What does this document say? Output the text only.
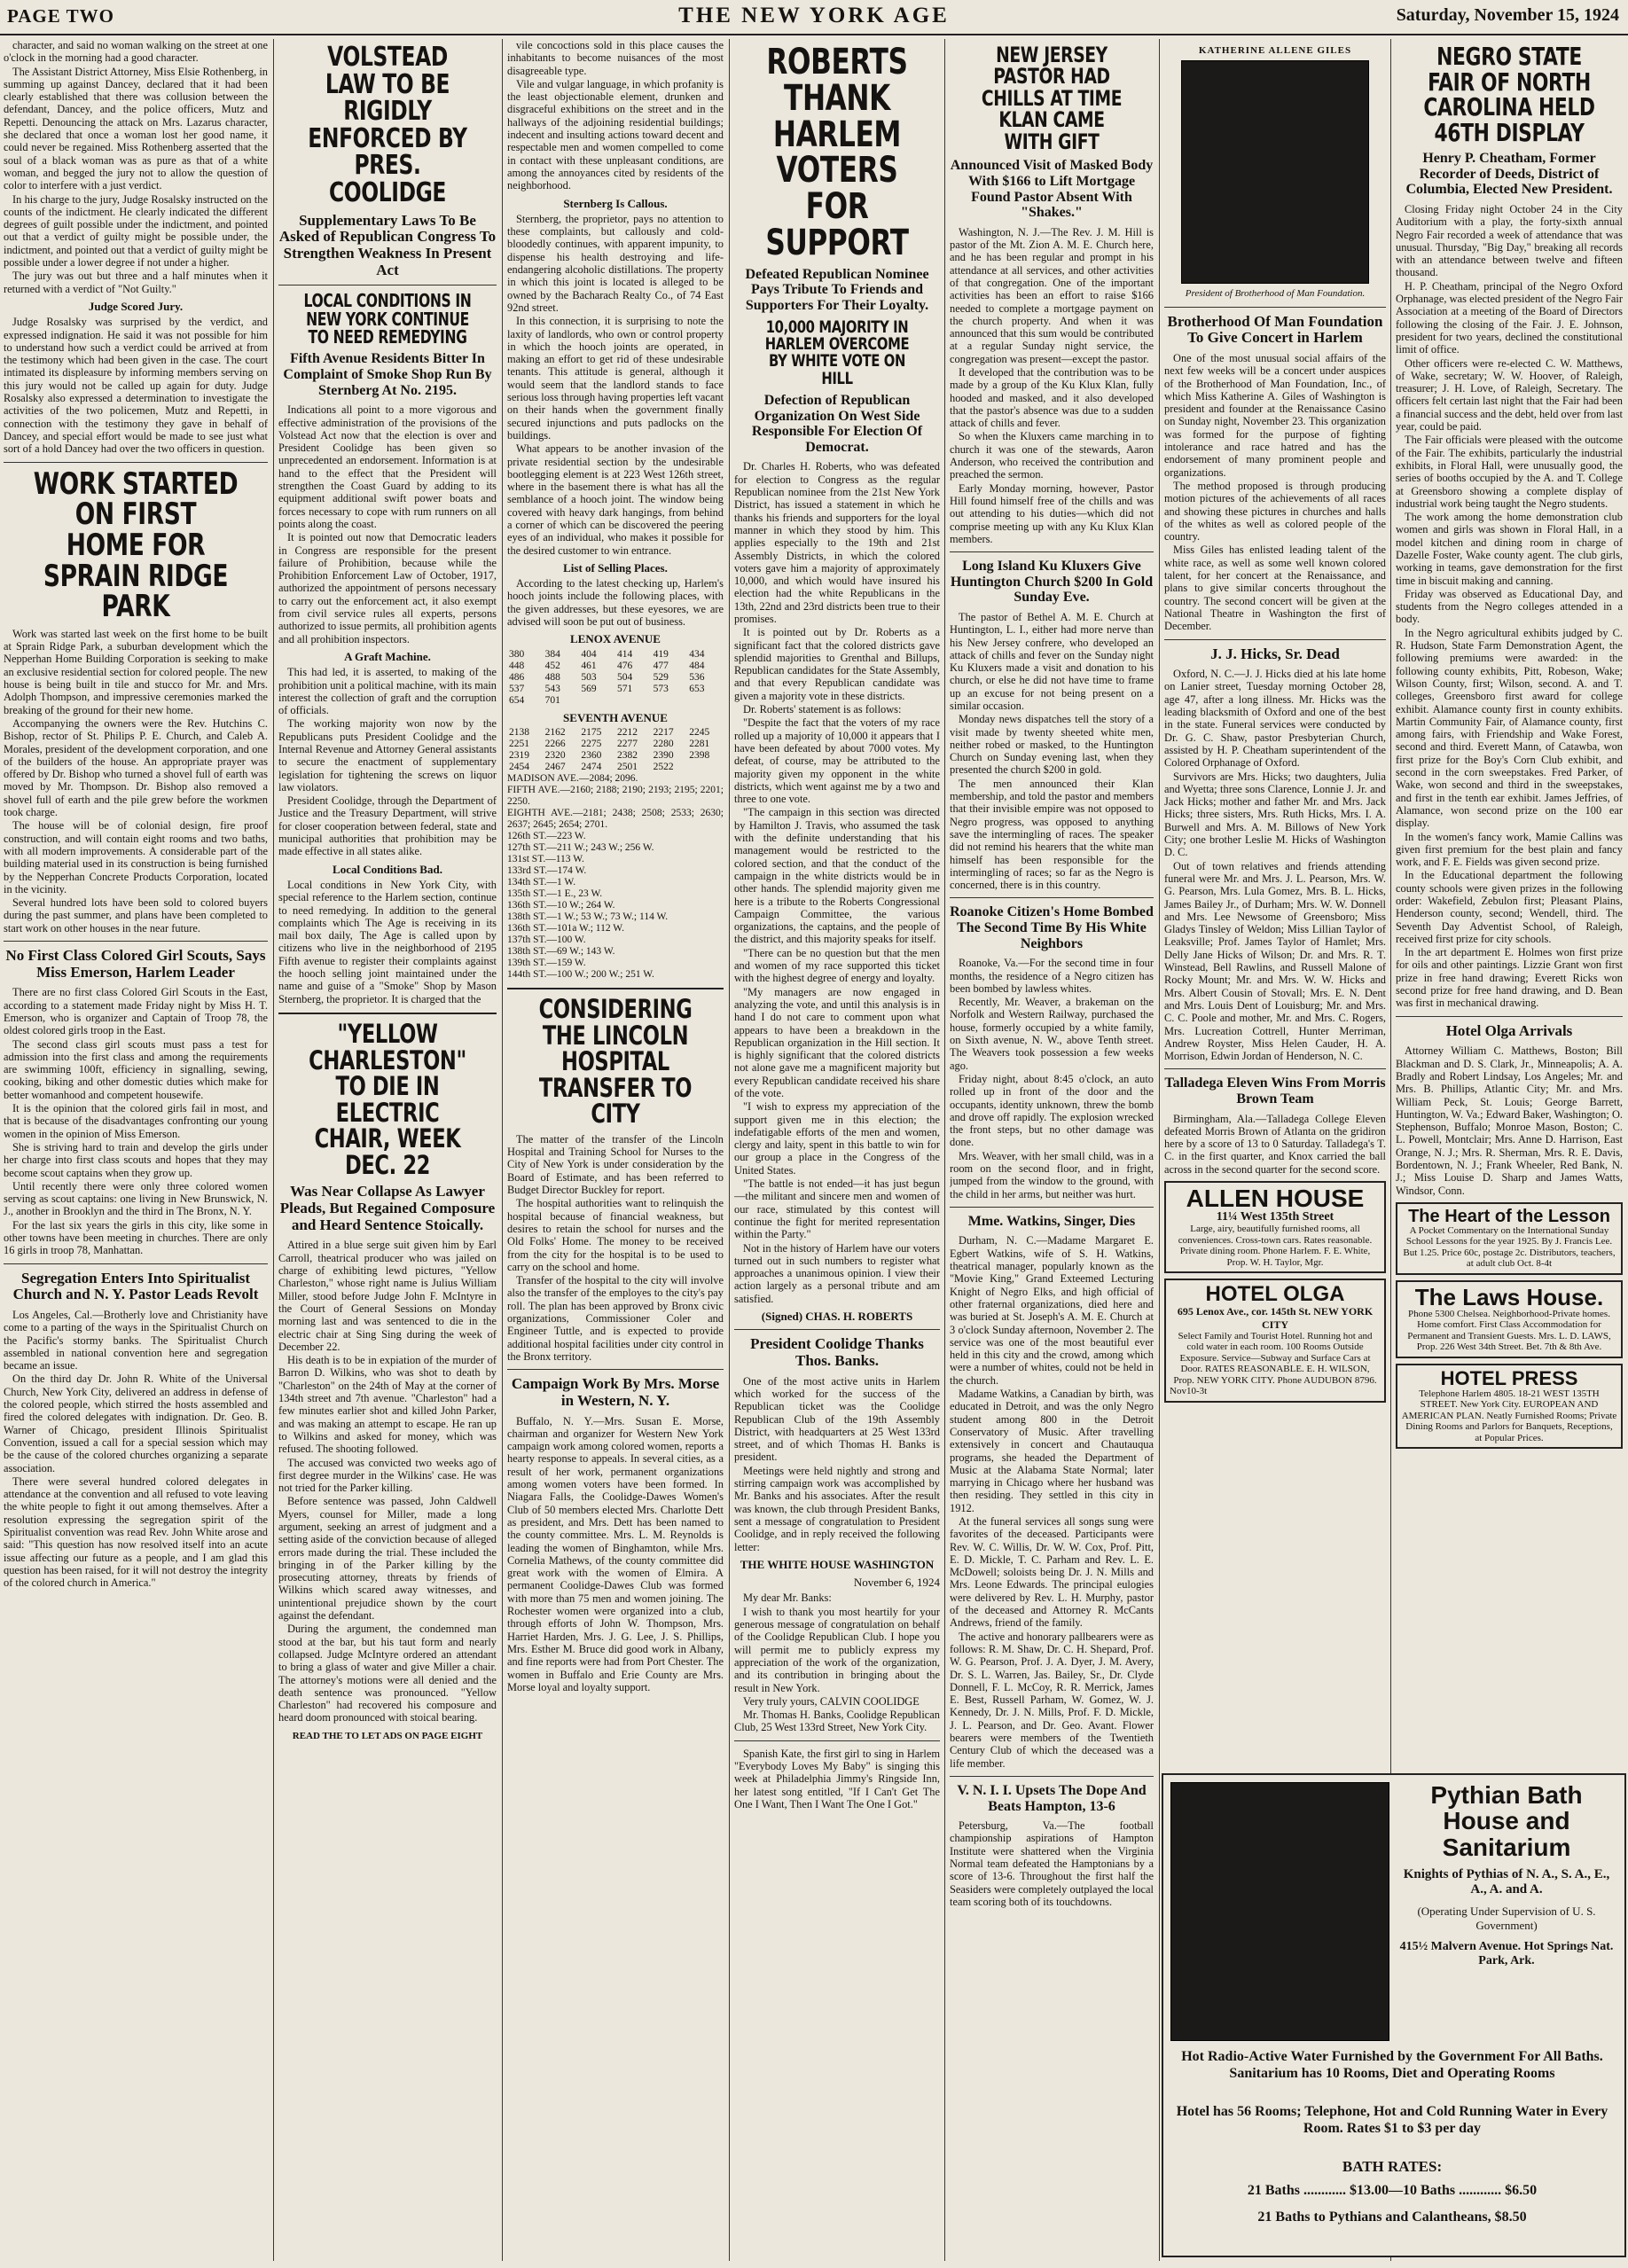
PAGE TWO	THE NEW YORK AGE	Saturday, November 15, 1924

character, and said no woman walking on the street at one o'clock in the morning had a good character.

The Assistant District Attorney, Miss Elsie Rothenberg, in summing up against Dancey, declared that it had been clearly established that there was collusion between the defendant, Dancey, and the police officers, Mutz and Repetti. Denouncing the attack on Mrs. Lazarus character, she declared that once a woman lost her good name, it could never be regained. Miss Rothenberg asserted that the soul of a black woman was as pure as that of a white woman, and begged the jury not to allow the question of color to interfere with a just verdict.

In his charge to the jury, Judge Rosalsky instructed on the counts of the indictment. He clearly indicated the different degrees of guilt possible under the indictment, and pointed out that a verdict of guilty might be possible under, the indictment, and pointed out that a verdict of guilty might be possible under a lower degree if not under a higher.

The jury was out but three and a half minutes when it returned with a verdict of "Not Guilty."

Judge Scored Jury.

Judge Rosalsky was surprised by the verdict, and expressed indignation. He said it was not possible for him to understand how such a verdict could be arrived at from the testimony which had been given in the case. The court intimated its displeasure by informing members serving on this jury would not be called up again for duty. Judge Rosalsky also expressed a determination to investigate the activities of the two policemen, Mutz and Repetti, in connection with the testimony they gave in behalf of Dancey, and special effort would be made to see just what sort of a hold Dancey had over the two officers in question.

WORK STARTED ON FIRST HOME FOR SPRAIN RIDGE PARK

Work was started last week on the first home to be built at Sprain Ridge Park, a suburban development which the Nepperhan Home Building Corporation is seeking to make an exclusive residential section for colored people. The new house is being built in tile and stucco for Mr. and Mrs. Adolph Thompson, and impressive ceremonies marked the breaking of the ground for their new home.

Accompanying the owners were the Rev. Hutchins C. Bishop, rector of St. Philips P. E. Church, and Caleb A. Morales, president of the development corporation, and one of the builders of the house. An appropriate prayer was offered by Dr. Bishop who turned a shovel full of earth was moved by Mr. Thompson. Dr. Bishop also removed a shovel full of earth and the pile grew before the workmen took charge.

The house will be of colonial design, fire proof construction, and will contain eight rooms and two baths, with all modern improvements. A considerable part of the building material used in its construction is being furnished by the Nepperhan Concrete Products Corporation, located in the vicinity.

Several hundred lots have been sold to colored buyers during the past summer, and plans have been completed to start work on other houses in the near future.

No First Class Colored Girl Scouts, Says Miss Emerson, Harlem Leader

There are no first class Colored Girl Scouts in the East, according to a statement made Friday night by Miss H. T. Emerson, who is organizer and Captain of Troop 78, the oldest colored girls troop in the East.

The second class girl scouts must pass a test for admission into the first class and among the requirements are swimming 100ft, efficiency in signalling, sewing, cooking, biking and other domestic duties which make for better womanhood and competent housewife.

It is the opinion that the colored girls fail in most, and that is because of the disadvantages confronting our young women in the opinion of Miss Emerson.

She is striving hard to train and develop the girls under her charge into first class scouts and hopes that they may become scout captains when they grow up.

Until recently there were only three colored women serving as scout captains: one living in New Brunswick, N. J., another in Brooklyn and the third in The Bronx, N. Y.

For the last six years the girls in this city, like some in other towns have been meeting in churches. There are only 16 girls in troop 78, Manhattan.

Segregation Enters Into Spiritualist Church and N. Y. Pastor Leads Revolt

Los Angeles, Cal.—Brotherly love and Christianity have come to a parting of the ways in the Spiritualist Church on the Pacific's stormy banks. The Spiritualist Church assembled in national convention here and segregation became an issue.

On the third day Dr. John R. White of the Universal Church, New York City, delivered an address in defense of the colored people, which stirred the hosts assembled and fired the colored delegates with indignation. Dr. Geo. B. Warner of Chicago, president Illinois Spiritualist Convention, issued a call for a special session which may be the cause of the colored churches organizing a separate association.

There were several hundred colored delegates in attendance at the convention and all refused to vote leaving the white people to fight it out among themselves. After a resolution expressing the segregation spirit of the Spiritualist convention was read Rev. John White arose and said: "This question has now resolved itself into an acute issue affecting our future as a people, and I am glad this question has been raised, for it will not destroy the integrity of the colored church in America."

VOLSTEAD LAW TO BE RIGIDLY ENFORCED BY PRES. COOLIDGE
Supplementary Laws To Be Asked of Republican Congress To Strengthen Weakness In Present Act
LOCAL CONDITIONS IN NEW YORK CONTINUE TO NEED REMEDYING
Fifth Avenue Residents Bitter In Complaint of Smoke Shop Run By Sternberg At No. 2195.

Indications all point to a more vigorous and effective administration of the provisions of the Volstead Act now that the election is over and President Coolidge has been given so unprecedented an endorsement. Information is at hand to the effect that the President will strengthen the Coast Guard by adding to its equipment additional swift power boats and forces necessary to cope with rum runners on all points along the coast.

It is pointed out now that Democratic leaders in Congress are responsible for the present failure of Prohibition, because while the Prohibition Enforcement Law of October, 1917, authorized the appointment of persons necessary to carry out the enforcement act, it also exempt from civil service rules all experts, persons authorized to issue permits, all prohibition agents and all prohibition inspectors.

A Graft Machine.

This had led, it is asserted, to making of the prohibition unit a political machine, with its main interest the collection of graft and the corruption of officials.

The working majority won now by the Republicans puts President Coolidge and the Internal Revenue and Attorney General assistants to secure the enactment of supplementary legislation for tightening the screws on liquor law violators.

President Coolidge, through the Department of Justice and the Treasury Department, will strive for closer cooperation between federal, state and municipal authorities that prohibition may be made effective in all states alike.

Local Conditions Bad.

Local conditions in New York City, with special reference to the Harlem section, continue to need remedying. In addition to the general complaints which The Age is receiving in its mail box daily, The Age is called upon by citizens who live in the neighborhood of 2195 Fifth avenue to register their complaints against the hooch selling joint maintained under the name and guise of a "Smoke" Shop by Mason Sternberg, the proprietor. It is charged that the

"YELLOW CHARLESTON" TO DIE IN ELECTRIC CHAIR, WEEK DEC. 22
Was Near Collapse As Lawyer Pleads, But Regained Composure and Heard Sentence Stoically.

Attired in a blue serge suit given him by Earl Carroll, theatrical producer who was jailed on charge of exhibiting lewd pictures, "Yellow Charleston," whose right name is Julius William Miller, stood before Judge John F. McIntyre in the Court of General Sessions on Monday morning last and was sentenced to die in the electric chair at Sing Sing during the week of December 22.

His death is to be in expiation of the murder of Barron D. Wilkins, who was shot to death by "Charleston" on the 24th of May at the corner of 134th street and 7th avenue. "Charleston" had a few minutes earlier shot and killed John Parker, and was making an attempt to escape. He ran up to Wilkins and asked for money, which was refused. The shooting followed.

The accused was convicted two weeks ago of first degree murder in the Wilkins' case. He was not tried for the Parker killing.

Before sentence was passed, John Caldwell Myers, counsel for Miller, made a long argument, seeking an arrest of judgment and a setting aside of the conviction because of alleged errors made during the trial. These included the bringing in of the Parker killing by the prosecuting attorney, threats by friends of Wilkins which scared away witnesses, and unintentional prejudice shown by the court against the defendant.

During the argument, the condemned man stood at the bar, but his taut form and nearly collapsed. Judge McIntyre ordered an attendant to bring a glass of water and give Miller a chair. The attorney's motions were all denied and the death sentence was pronounced. "Yellow Charleston" had recovered his composure and heard doom pronounced with stoical bearing.

READ THE TO LET ADS ON PAGE EIGHT

vile concoctions sold in this place causes the inhabitants to become nuisances of the most disagreeable type.

Vile and vulgar language, in which profanity is the least objectionable element, drunken and disgraceful exhibitions on the street and in the hallways of the adjoining residential buildings; indecent and insulting actions toward decent and respectable men and women compelled to come in contact with these unpleasant conditions, are among the annoyances cited by residents of the neighborhood.

Sternberg Is Callous.

Sternberg, the proprietor, pays no attention to these complaints, but callously and cold-bloodedly continues, with apparent impunity, to dispense his health destroying and life-endangering alcoholic distillations. The property in which this joint is located is alleged to be owned by the Bacharach Realty Co., of 74 East 92nd street.

In this connection, it is surprising to note the laxity of landlords, who own or control property in which the hooch joints are operated, in making an effort to get rid of these undesirable tenants. This attitude is general, although it would seem that the landlord stands to face serious loss through having properties left vacant on their hands when the government finally secured injunctions and puts padlocks on the buildings.

What appears to be another invasion of the private residential section by the undesirable bootlegging element is at 223 West 126th street, where in the basement there is what has all the semblance of a hooch joint. The window being covered with heavy dark hangings, from behind a corner of which can be discovered the peering eyes of an individual, who makes it possible for the desired customer to win entrance.

List of Selling Places.

According to the latest checking up, Harlem's hooch joints include the following places, with the given addresses, but these eyesores, we are advised will soon be put out of business.

LENOX AVENUE
380	384	404	414	419	434
448	452	461	476	477	484
486	488	503	504	529	536
537	543	569	571	573	653
654	701				
SEVENTH AVENUE
2138	2162	2175	2212	2217	2245
2251	2266	2275	2277	2280	2281
2319	2320	2360	2382	2390	2398
2454	2467	2474	2501	2522	
MADISON AVE.—2084; 2096.
FIFTH AVE.—2160; 2188; 2190; 2193; 2195; 2201; 2250.
EIGHTH AVE.—2181; 2438; 2508; 2533; 2630; 2637; 2645; 2654; 2701.
126th ST.—223 W.
127th ST.—211 W.; 243 W.; 256 W.
131st ST.—113 W.
133rd ST.—174 W.
134th ST.—1 W.
135th ST.—1 E., 23 W.
136th ST.—10 W.; 264 W.
138th ST.—1 W.; 53 W.; 73 W.; 114 W.
136th ST.—101a W.; 112 W.
137th ST.—100 W.
138th ST.—69 W.; 143 W.
139th ST.—159 W.
144th ST.—100 W.; 200 W.; 251 W.
CONSIDERING THE LINCOLN HOSPITAL TRANSFER TO CITY

The matter of the transfer of the Lincoln Hospital and Training School for Nurses to the City of New York is under consideration by the Board of Estimate, and has been referred to Budget Director Buckley for report.

The hospital authorities want to relinquish the hospital because of financial weakness, but desires to retain the school for nurses and the Old Folks' Home. The money to be received from the city for the hospital is to be used to carry on the school and home.

Transfer of the hospital to the city will involve also the transfer of the employes to the city's pay roll. The plan has been approved by Bronx civic organizations, Commissioner Coler and Engineer Tuttle, and is expected to provide additional hospital facilities under city control in the Bronx territory.

Campaign Work By Mrs. Morse in Western, N. Y.

Buffalo, N. Y.—Mrs. Susan E. Morse, chairman and organizer for Western New York campaign work among colored women, reports a hearty response to appeals. In several cities, as a result of her work, permanent organizations among women voters have been formed. In Niagara Falls, the Coolidge-Dawes Women's Club of 50 members elected Mrs. Charlotte Dett as president, and Mrs. Dett has been named to the county committee. Mrs. L. M. Reynolds is leading the women of Binghamton, while Mrs. Cornelia Mathews, of the county committee did great work with the women of Elmira. A permanent Coolidge-Dawes Club was formed with more than 75 men and women joining. The Rochester women were organized into a club, through efforts of John W. Thompson, Mrs. Harriet Harden, Mrs. J. G. Lee, J. S. Phillips, Mrs. Esther M. Bruce did good work in Albany, and fine reports were had from Port Chester. The women in Buffalo and Erie County are Mrs. Morse loyal and loyalty support.

ROBERTS THANK HARLEM VOTERS FOR SUPPORT
Defeated Republican Nominee Pays Tribute To Friends and Supporters For Their Loyalty.
10,000 MAJORITY IN HARLEM OVERCOME BY WHITE VOTE ON HILL
Defection of Republican Organization On West Side Responsible For Election Of Democrat.

Dr. Charles H. Roberts, who was defeated for election to Congress as the regular Republican nominee from the 21st New York District, has issued a statement in which he thanks his friends and supporters for the loyal manner in which they stood by him. This applies especially to the 19th and 21st Assembly Districts, in which the colored voters gave him a majority of approximately 10,000, and which would have insured his election had the white Republicans in the 13th, 22nd and 23rd districts been true to their promises.

It is pointed out by Dr. Roberts as a significant fact that the colored districts gave splendid majorities to Grenthal and Billups, Republican candidates for the State Assembly, and that every Republican candidate was given a majority vote in these districts.

Dr. Roberts' statement is as follows:

"Despite the fact that the voters of my race rolled up a majority of 10,000 it appears that I have been defeated by about 7000 votes. My defeat, of course, may be attributed to the majority given my opponent in the white districts, which went against me by a two and three to one vote.

"The campaign in this section was directed by Hamilton J. Travis, who assumed the task with the definite understanding that his management would be restricted to the colored section, and that the conduct of the campaign in the white districts would be in other hands. The splendid majority given me here is a tribute to the Roberts Congressional Campaign Committee, the various organizations, the captains, and the people of the district, and this majority speaks for itself.

"There can be no question but that the men and women of my race supported this ticket with the highest degree of energy and loyalty.

"My managers are now engaged in analyzing the vote, and until this analysis is in hand I do not care to comment upon what appears to have been a breakdown in the Republican organization in the Hill section. It is highly significant that the colored districts not alone gave me a magnificent majority but every Republican candidate received his share of the vote.

"I wish to express my appreciation of the support given me in this election; the indefatigable efforts of the men and women, clergy and laity, spent in this battle to win for our group a place in the Congress of the United States.

"The battle is not ended—it has just begun—the militant and sincere men and women of our race, stimulated by this contest will continue the fight for merited representation within the Party."

Not in the history of Harlem have our voters turned out in such numbers to register what approaches a unanimous opinion. I view their action largely as a personal tribute and am satisfied.

(Signed) CHAS. H. ROBERTS
President Coolidge Thanks Thos. Banks.

One of the most active units in Harlem which worked for the success of the Republican ticket was the Coolidge Republican Club of the 19th Assembly District, with headquarters at 25 West 133rd street, and of which Thomas H. Banks is president.

Meetings were held nightly and strong and stirring campaign work was accomplished by Mr. Banks and his associates. After the result was known, the club through President Banks, sent a message of congratulation to President Coolidge, and in reply received the following letter:

THE WHITE HOUSE WASHINGTON
November 6, 1924

My dear Mr. Banks:

I wish to thank you most heartily for your generous message of congratulation on behalf of the Coolidge Republican Club. I hope you will permit me to publicly express my appreciation of the work of the organization, and its contribution in bringing about the result in New York.

Very truly yours, CALVIN COOLIDGE

Mr. Thomas H. Banks, Coolidge Republican Club, 25 West 133rd Street, New York City.

Spanish Kate, the first girl to sing in Harlem "Everybody Loves My Baby" is singing this week at Philadelphia Jimmy's Ringside Inn, her latest song entitled, "If I Can't Get The One I Want, Then I Want The One I Got."

NEW JERSEY PASTOR HAD CHILLS AT TIME KLAN CAME WITH GIFT
Announced Visit of Masked Body With $166 to Lift Mortgage Found Pastor Absent With "Shakes."

Washington, N. J.—The Rev. J. M. Hill is pastor of the Mt. Zion A. M. E. Church here, and he has been regular and prompt in his attendance at all services, and other activities of that congregation. One of the important activities has been an effort to raise $166 needed to complete a mortgage payment on the church property. And when it was announced that this sum would be contributed at a regular Sunday night service, the congregation was present—except the pastor.

It developed that the contribution was to be made by a group of the Ku Klux Klan, fully hooded and masked, and it also developed that the pastor's absence was due to a sudden attack of chills and fever.

So when the Kluxers came marching in to church it was one of the stewards, Aaron Anderson, who received the contribution and preached the sermon.

Early Monday morning, however, Pastor Hill found himself free of the chills and was out attending to his duties—which did not comprise meeting up with any Ku Klux Klan members.

Long Island Ku Kluxers Give Huntington Church $200 In Gold Sunday Eve.

The pastor of Bethel A. M. E. Church at Huntington, L. I., either had more nerve than his New Jersey confrere, who developed an attack of chills and fever on the Sunday night Ku Kluxers made a visit and donation to his church, or else he did not have time to frame up an excuse for not being present on a similar occasion.

Monday news dispatches tell the story of a visit made by twenty sheeted white men, neither robed or masked, to the Huntington Church on Sunday evening last, when they presented the church $200 in gold.

The men announced their Klan membership, and told the pastor and members that their invisible empire was not opposed to Negro progress, was opposed to anything save the intermingling of races. The speaker did not remind his hearers that the white man himself has been responsible for the intermingling of races; so far as the Negro is concerned, there is in this country.

Roanoke Citizen's Home Bombed The Second Time By His White Neighbors

Roanoke, Va.—For the second time in four months, the residence of a Negro citizen has been bombed by lawless whites.

Recently, Mr. Weaver, a brakeman on the Norfolk and Western Railway, purchased the house, formerly occupied by a white family, on Sixth avenue, N. W., above Tenth street. The Weavers took possession a few weeks ago.

Friday night, about 8:45 o'clock, an auto rolled up in front of the door and the occupants, identity unknown, threw the bomb and drove off rapidly. The explosion wrecked the front steps, but no other damage was done.

Mrs. Weaver, with her small child, was in a room on the second floor, and in fright, jumped from the window to the ground, with the child in her arms, but neither was hurt.

Mme. Watkins, Singer, Dies

Durham, N. C.—Madame Margaret E. Egbert Watkins, wife of S. H. Watkins, theatrical manager, popularly known as the "Movie King," Grand Exteemed Lecturing Knight of Negro Elks, and high official of other fraternal organizations, died here and was buried at St. Joseph's A. M. E. Church at 3 o'clock Sunday afternoon, November 2. The service was one of the most beautiful ever held in this city and the crowd, among which were a number of whites, could not be held in the church.

Madame Watkins, a Canadian by birth, was educated in Detroit, and was the only Negro student among 800 in the Detroit Conservatory of Music. After travelling extensively in concert and Chautauqua programs, she headed the Department of Music at the Alabama State Normal; later marrying in Chicago where her husband was then residing. They settled in this city in 1912.

At the funeral services all songs sung were favorites of the deceased. Participants were Rev. W. C. Willis, Dr. W. W. Cox, Prof. Pitt, E. D. Mickle, T. C. Parham and Rev. L. E. McDowell; soloists being Dr. J. N. Mills and Mrs. Leone Edwards. The principal eulogies were delivered by Rev. L. H. Murphy, pastor of the deceased and Attorney R. McCants Andrews, friend of the family.

The active and honorary pallbearers were as follows: R. M. Shaw, Dr. C. H. Shepard, Prof. W. G. Pearson, Prof. J. A. Dyer, J. M. Avery, Dr. S. L. Warren, Jas. Bailey, Sr., Dr. Clyde Donnell, F. L. McCoy, R. R. Merrick, James E. Best, Russell Parham, W. Gomez, W. J. Kennedy, Dr. J. N. Mills, Prof. F. D. Mickle, J. L. Pearson, and Dr. Geo. Avant. Flower bearers were members of the Twentieth Century Club of which the deceased was a life member.

V. N. I. I. Upsets The Dope And Beats Hampton, 13-6

Petersburg, Va.—The football championship aspirations of Hampton Institute were shattered when the Virginia Normal team defeated the Hamptonians by a score of 13-6. Throughout the first half the Seasiders were completely outplayed the local team scoring both of its touchdowns.

KATHERINE ALLENE GILES
President of Brotherhood of Man Foundation.
Brotherhood Of Man Foundation To Give Concert in Harlem

One of the most unusual social affairs of the next few weeks will be a concert under auspices of the Brotherhood of Man Foundation, Inc., of which Miss Katherine A. Giles of Washington is president and founder at the Renaissance Casino on Sunday night, November 23. This organization was formed for the purpose of fighting intolerance and race hatred and has the endorsement of many prominent people and organizations.

The method proposed is through producing motion pictures of the achievements of all races and showing these pictures in churches and halls of the whites as well as colored people of the country.

Miss Giles has enlisted leading talent of the white race, as well as some well known colored talent, for her concert at the Renaissance, and plans to give similar concerts throughout the country. The second concert will be given at the National Theatre in Washington the first of December.

J. J. Hicks, Sr. Dead

Oxford, N. C.—J. J. Hicks died at his late home on Lanier street, Tuesday morning October 28, age 47, after a long illness. Mr. Hicks was the leading blacksmith of Oxford and one of the best in the state. Funeral services were conducted by Dr. G. C. Shaw, pastor Presbyterian Church, assisted by H. P. Cheatham superintendent of the Colored Orphanage of Oxford.

Survivors are Mrs. Hicks; two daughters, Julia and Wyetta; three sons Clarence, Lonnie J. Jr. and Jack Hicks; mother and father Mr. and Mrs. Jack Hicks; three sisters, Mrs. Ruth Hicks, Mrs. I. A. Burwell and Mrs. A. M. Billows of New York City; one brother Leslie M. Hicks of Washington D. C.

Out of town relatives and friends attending funeral were Mr. and Mrs. J. L. Pearson, Mrs. W. G. Pearson, Mrs. Lula Gomez, Mrs. B. L. Hicks, James Bailey Jr., of Durham; Mrs. W. W. Donnell and Mrs. Lee Newsome of Greensboro; Miss Gladys Tinsley of Weldon; Miss Lillian Taylor of Leaksville; Prof. James Taylor of Hamlet; Mrs. Delly Jane Hicks of Wilson; Dr. and Mrs. R. T. Winstead, Bell Rawlins, and Russell Malone of Rocky Mount; Mr. and Mrs. W. W. Hicks and Mrs. Albert Cousin of Stovall; Mrs. E. N. Dent and Mrs. Louis Dent of Louisburg; Mr. and Mrs. C. C. Poole and mother, Mr. and Mrs. C. Rogers, Mrs. Lucreation Cottrell, Hunter Merriman, Andrew Royster, Miss Helen Cauder, H. A. Morrison, Edwin Jordan of Henderson, N. C.

Talladega Eleven Wins From Morris Brown Team

Birmingham, Ala.—Talladega College Eleven defeated Morris Brown of Atlanta on the gridiron here by a score of 13 to 0 Saturday. Talladega's T. C. in the first quarter, and Knox carried the ball across in the second quarter for the second score.

ALLEN HOUSE
11¼ West 135th Street
Large, airy, beautifully furnished rooms, all conveniences. Cross-town cars. Rates reasonable. Private dining room. Phone Harlem. F. E. White, Prop. W. H. Taylor, Mgr.
HOTEL OLGA
695 Lenox Ave., cor. 145th St. NEW YORK CITY
Select Family and Tourist Hotel. Running hot and cold water in each room. 100 Rooms Outside Exposure. Service—Subway and Surface Cars at Door. RATES REASONABLE. E. H. WILSON, Prop. NEW YORK CITY. Phone AUDUBON 8796.
Nov10-3t
NEGRO STATE FAIR OF NORTH CAROLINA HELD 46TH DISPLAY
Henry P. Cheatham, Former Recorder of Deeds, District of Columbia, Elected New President.

Closing Friday night October 24 in the City Auditorium with a play, the forty-sixth annual Negro Fair recorded a week of attendance that was unusual. Thursday, "Big Day," breaking all records with an attendance between twelve and fifteen thousand.

H. P. Cheatham, principal of the Negro Oxford Orphanage, was elected president of the Negro Fair Association at a meeting of the Board of Directors following the closing of the Fair. J. E. Johnson, president for two years, declined the constitutional limit of office.

Other officers were re-elected C. W. Matthews, of Wake, secretary; W. W. Hoover, of Raleigh, treasurer; J. H. Love, of Raleigh, Secretary. The officers felt certain last night that the Fair had been a financial success and the debt, held over from last year, could be paid.

The Fair officials were pleased with the outcome of the Fair. The exhibits, particularly the industrial exhibits, in Floral Hall, were unusually good, the series of booths occupied by the A. and T. College at Greensboro showing a complete display of industrial work being taught the Negro students.

The work among the home demonstration club women and girls was shown in Floral Hall, in a model kitchen and dining room in charge of Dazelle Foster, Wake county agent. The club girls, working in teams, gave demonstration for the first time in biscuit making and canning.

Friday was observed as Educational Day, and students from the Negro colleges attended in a body.

In the Negro agricultural exhibits judged by C. R. Hudson, State Farm Demonstration Agent, the following premiums were awarded: in the following county exhibits, Pitt, Robeson, Wake; Wilson County, first; Wilson, second. A. and T. colleges, Greensboro first award for college exhibit. Alamance county first in county exhibits. Martin Community Fair, of Alamance county, first among fairs, with Friendship and Wake Forest, second and third. Everett Mann, of Catawba, won first prize for the Boy's Corn Club exhibit, and second in the corn sweepstakes. Fred Parker, of Wake, won second and third in the sweepstakes, and first in the tenth ear exhibit. James Jeffries, of Alamance, won second prize on the 100 ear display.

In the women's fancy work, Mamie Callins was given first premium for the best plain and fancy work, and F. E. Fields was given second prize.

In the Educational department the following county schools were given prizes in the following order: Wakefield, Zebulon first; Pleasant Plains, Henderson county, second; Wendell, third. The Seventh Day Adventist School, of Raleigh, received first prize for city schools.

In the art department E. Holmes won first prize for oils and other paintings. Lizzie Grant won first prize in free hand drawing; Everett Ricks won second prize for free hand drawing, and D. Bean was first in mechanical drawing.

Hotel Olga Arrivals

Attorney William C. Matthews, Boston; Bill Blackman and D. S. Clark, Jr., Minneapolis; A. A. Bradly and Robert Lindsay, Los Angeles; Mr. and Mrs. B. Phillips, Atlantic City; Mr. and Mrs. William Peck, St. Louis; George Barrett, Huntington, W. Va.; Edward Baker, Washington; O. Stephenson, Buffalo; Monroe Mason, Boston; C. L. Powell, Montclair; Mrs. Anne D. Harrison, East Orange, N. J.; Mrs. R. Sherman, Mrs. R. E. Davis, Bordentown, N. J.; Frank Wheeler, Red Bank, N. J.; Miss Louise D. Sharp and James Watts, Windsor, Conn.

The Heart of the Lesson
A Pocket Commentary on the International Sunday School Lessons for the year 1925. By J. Francis Lee. But 1.25. Price 60c, postage 2c. Distributors, teachers, at adult club Oct. 8-4t
The Laws House.
Phone 5300 Chelsea. Neighborhood-Private homes. Home comfort. First Class Accommodation for Permanent and Transient Guests. Mrs. L. D. LAWS, Prop. 226 West 34th Street. Bet. 7th & 8th Ave.
HOTEL PRESS
Telephone Harlem 4805. 18-21 WEST 135TH STREET. New York City. EUROPEAN AND AMERICAN PLAN. Neatly Furnished Rooms; Private Dining Rooms and Parlors for Banquets, Receptions, at Popular Prices.
Pythian Bath House and Sanitarium
Knights of Pythias of N. A., S. A., E., A., A. and A.
(Operating Under Supervision of U. S. Government)
415½ Malvern Avenue. Hot Springs Nat. Park, Ark.
Hot Radio-Active Water Furnished by the Government For All Baths. Sanitarium has 10 Rooms, Diet and Operating Rooms
Hotel has 56 Rooms; Telephone, Hot and Cold Running Water in Every Room. Rates $1 to $3 per day
BATH RATES:
21 Baths ............ $13.00—10 Baths ............ $6.50
21 Baths to Pythians and Calantheans, $8.50
